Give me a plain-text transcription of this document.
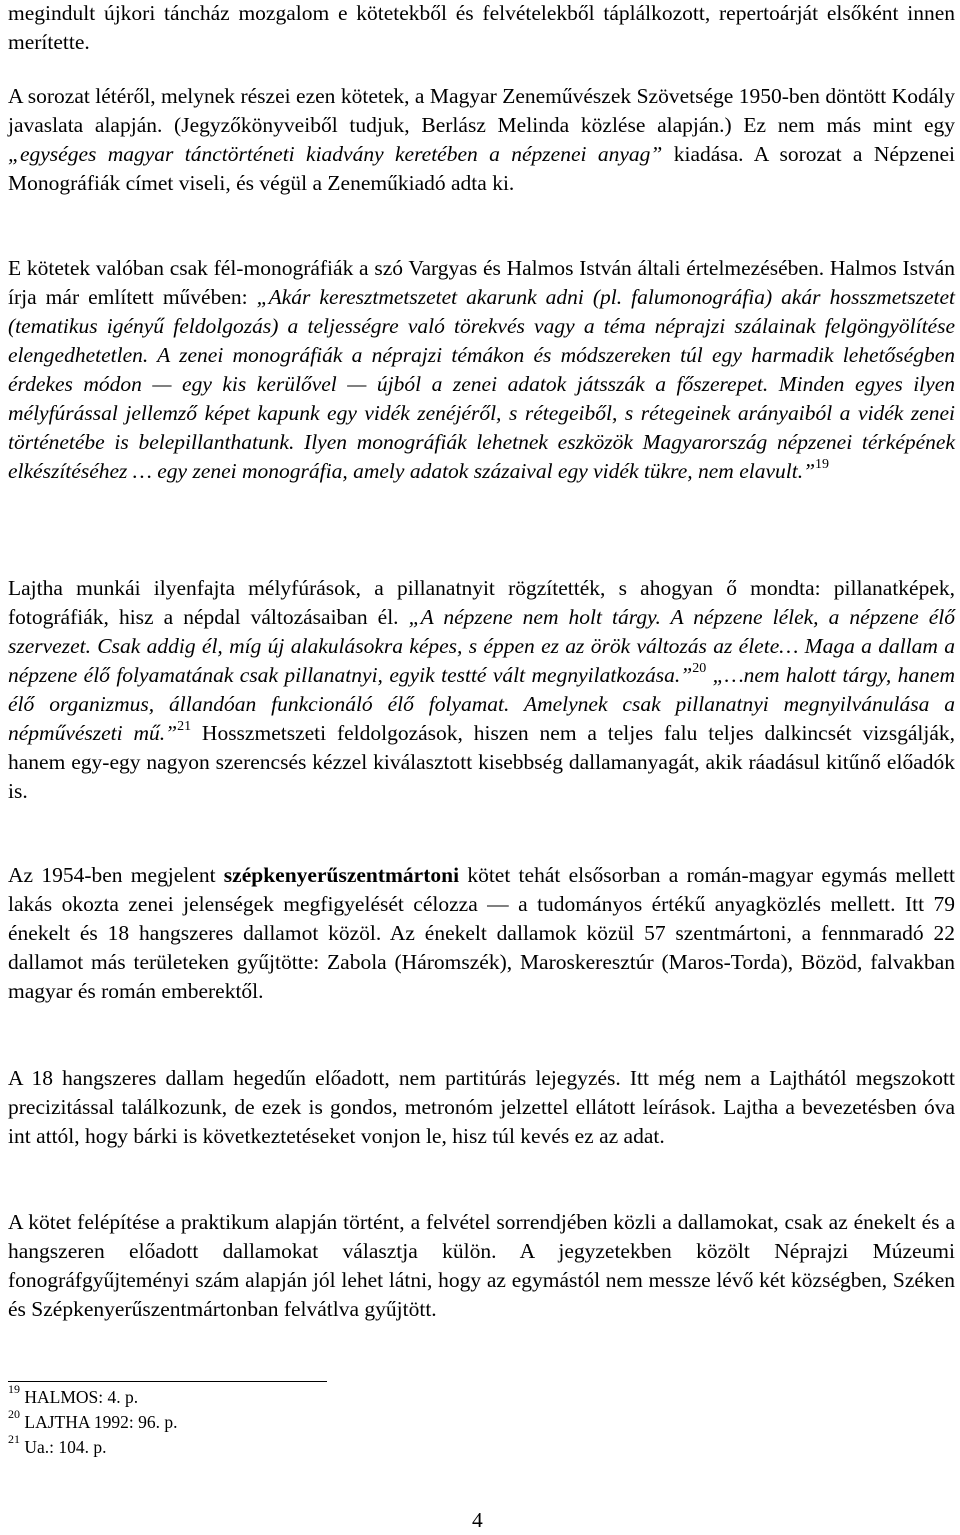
megindult újkori táncház mozgalom e kötetekből és felvételekből táplálkozott, repertoárját elsőként innen merítette.

A sorozat létéről, melynek részei ezen kötetek, a Magyar Zeneművészek Szövetsége 1950-ben döntött Kodály javaslata alapján. (Jegyzőkönyveiből tudjuk, Berlász Melinda közlése alapján.) Ez nem más mint egy „egységes magyar tánctörténeti kiadvány keretében a népzenei anyag” kiadása. A sorozat a Népzenei Monográfiák címet viseli, és végül a Zeneműkiadó adta ki.

E kötetek valóban csak fél-monográfiák a szó Vargyas és Halmos István általi értelmezésében. Halmos István írja már említett művében: „Akár keresztmetszetet akarunk adni (pl. falumonográfia) akár hosszmetszetet (tematikus igényű feldolgozás) a teljességre való törekvés vagy a téma néprajzi szálainak felgöngyölítése elengedhetetlen. A zenei monográfiák a néprajzi témákon és módszereken túl egy harmadik lehetőségben érdekes módon — egy kis kerülővel — újból a zenei adatok játsszák a főszerepet. Minden egyes ilyen mélyfúrással jellemző képet kapunk egy vidék zenéjéről, s rétegeiből, s rétegeinek arányaiból a vidék zenei történetébe is belepillanthatunk. Ilyen monográfiák lehetnek eszközök Magyarország népzenei térképének elkészítéséhez … egy zenei monográfia, amely adatok százaival egy vidék tükre, nem elavult.”$^{19}$

Lajtha munkái ilyenfajta mélyfúrások, a pillanatnyit rögzítették, s ahogyan ő mondta: pillanatképek, fotográfiák, hisz a népdal változásaiban él. „A népzene nem holt tárgy. A népzene lélek, a népzene élő szervezet. Csak addig él, míg új alakulásokra képes, s éppen ez az örök változás az élete… Maga a dallam a népzene élő folyamatának csak pillanatnyi, egyik testté vált megnyilatkozása.”$^{20}$ „…nem halott tárgy, hanem élő organizmus, állandóan funkcionáló élő folyamat. Amelynek csak pillanatnyi megnyilvánulása a népművészeti mű.”$^{21}$ Hosszmetszeti feldolgozások, hiszen nem a teljes falu teljes dalkincsét vizsgálják, hanem egy-egy nagyon szerencsés kézzel kiválasztott kisebbség dallamanyagát, akik ráadásul kitűnő előadók is.

Az 1954-ben megjelent szépkenyerűszentmártoni kötet tehát elsősorban a román-magyar egymás mellett lakás okozta zenei jelenségek megfigyelését célozza — a tudományos értékű anyagközlés mellett. Itt 79 énekelt és 18 hangszeres dallamot közöl. Az énekelt dallamok közül 57 szentmártoni, a fennmaradó 22 dallamot más területeken gyűjtötte: Zabola (Háromszék), Maroskeresztúr (Maros-Torda), Bözöd, falvakban magyar és román emberektől.

A 18 hangszeres dallam hegedűn előadott, nem partitúrás lejegyzés. Itt még nem a Lajthától megszokott precizitással találkozunk, de ezek is gondos, metronóm jelzettel ellátott leírások. Lajtha a bevezetésben óva int attól, hogy bárki is következtetéseket vonjon le, hisz túl kevés ez az adat.

A kötet felépítése a praktikum alapján történt, a felvétel sorrendjében közli a dallamokat, csak az énekelt és a hangszeren előadott dallamokat választja külön. A jegyzetekben közölt Néprajzi Múzeumi fonográfgyűjteményi szám alapján jól lehet látni, hogy az egymástól nem messze lévő két községben, Széken és Szépkenyerűszentmártonban felvátlva gyűjtött.

$^{19}$ HALMOS: 4. p.
$^{20}$ LAJTHA 1992: 96. p.
$^{21}$ Ua.: 104. p.
4
